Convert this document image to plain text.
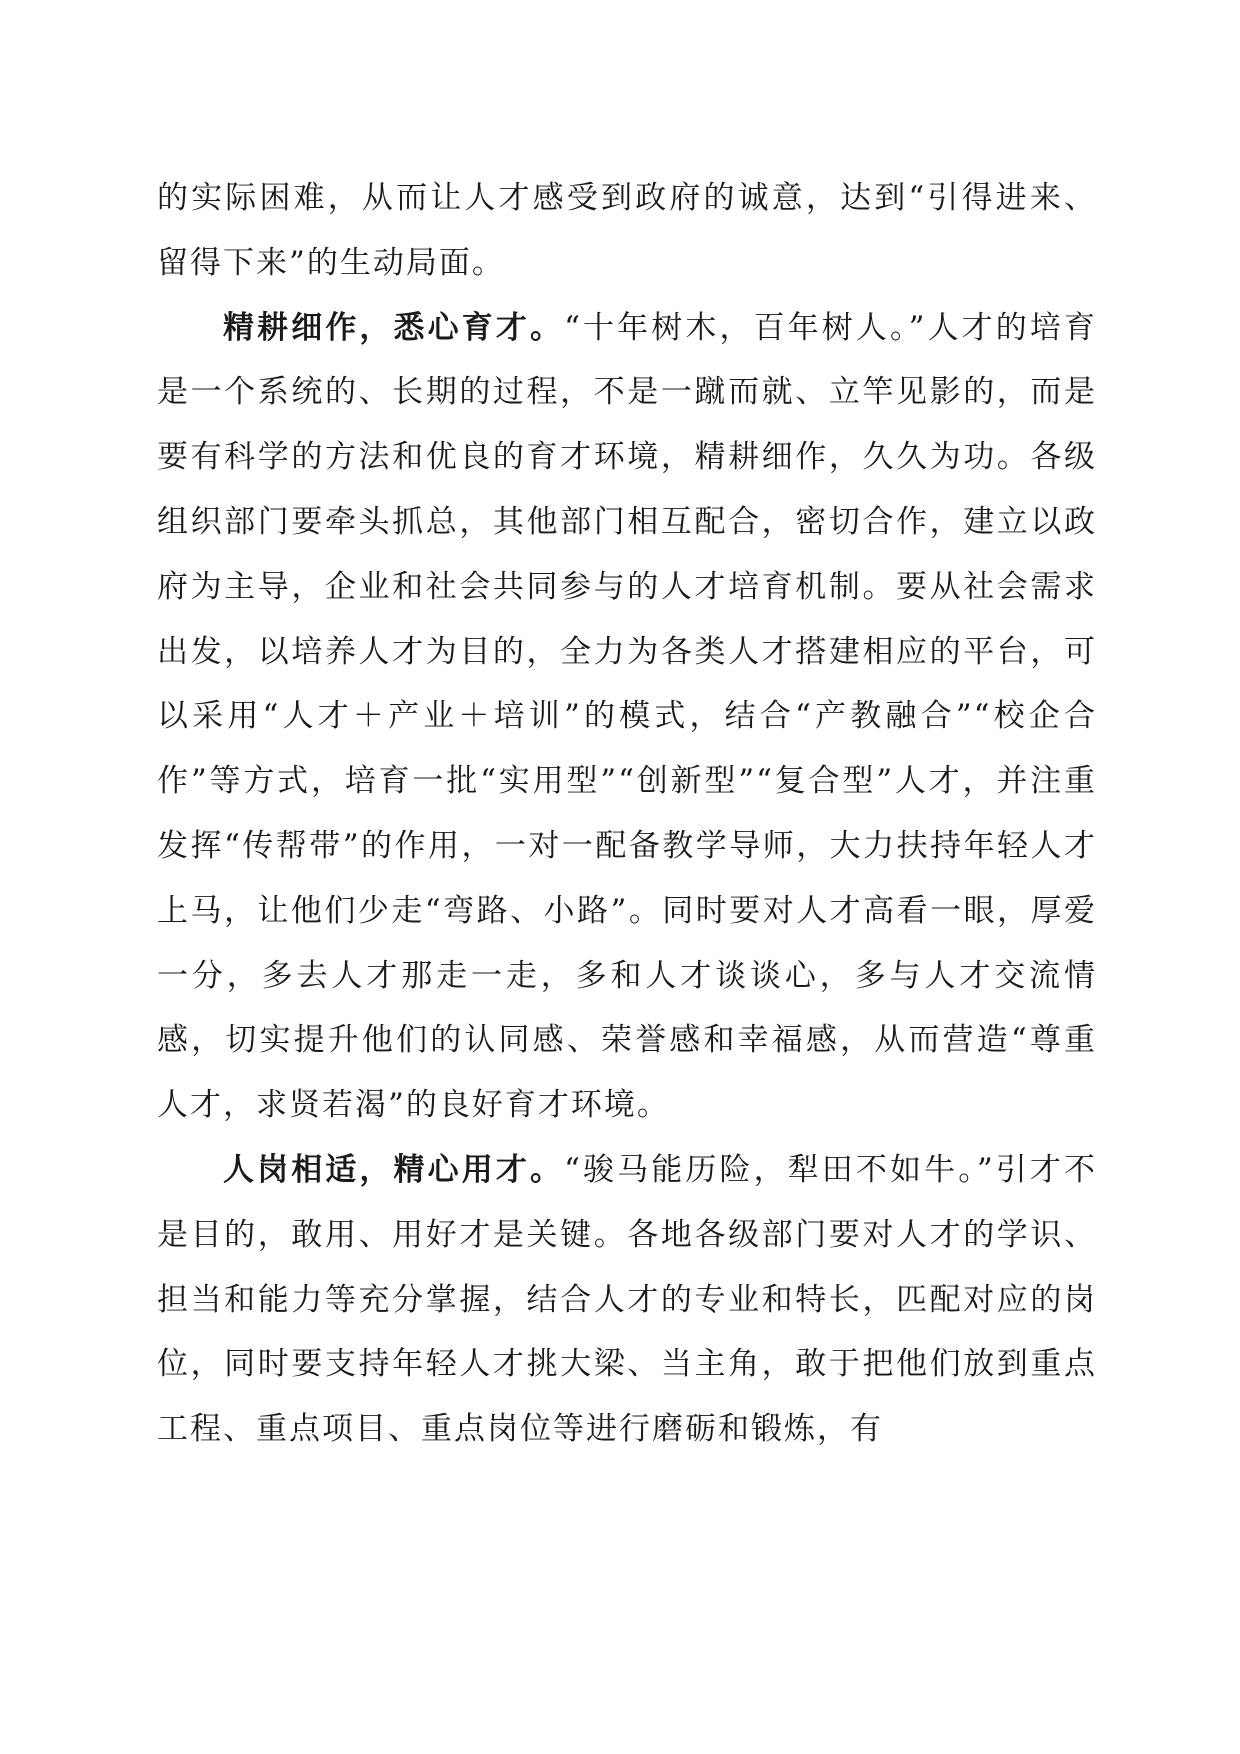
的实际困难，从而让人才感受到政府的诚意，达到“引得进来、留得下来”的生动局面。

精耕细作，悉心育才。“十年树木，百年树人。”人才的培育是一个系统的、长期的过程，不是一蹴而就、立竿见影的，而是要有科学的方法和优良的育才环境，精耕细作，久久为功。各级组织部门要牵头抓总，其他部门相互配合，密切合作，建立以政府为主导，企业和社会共同参与的人才培育机制。要从社会需求出发，以培养人才为目的，全力为各类人才搭建相应的平台，可以采用“人才＋产业＋培训”的模式，结合“产教融合”“校企合作”等方式，培育一批“实用型”“创新型”“复合型”人才，并注重发挥“传帮带”的作用，一对一配备教学导师，大力扶持年轻人才上马，让他们少走“弯路、小路”。同时要对人才高看一眼，厚爱一分，多去人才那走一走，多和人才谈谈心，多与人才交流情感，切实提升他们的认同感、荣誉感和幸福感，从而营造“尊重人才，求贤若渴”的良好育才环境。

人岗相适，精心用才。“骏马能历险，犁田不如牛。”引才不是目的，敢用、用好才是关键。各地各级部门要对人才的学识、担当和能力等充分掌握，结合人才的专业和特长，匹配对应的岗位，同时要支持年轻人才挑大梁、当主角，敢于把他们放到重点工程、重点项目、重点岗位等进行磨砺和锻炼，有
